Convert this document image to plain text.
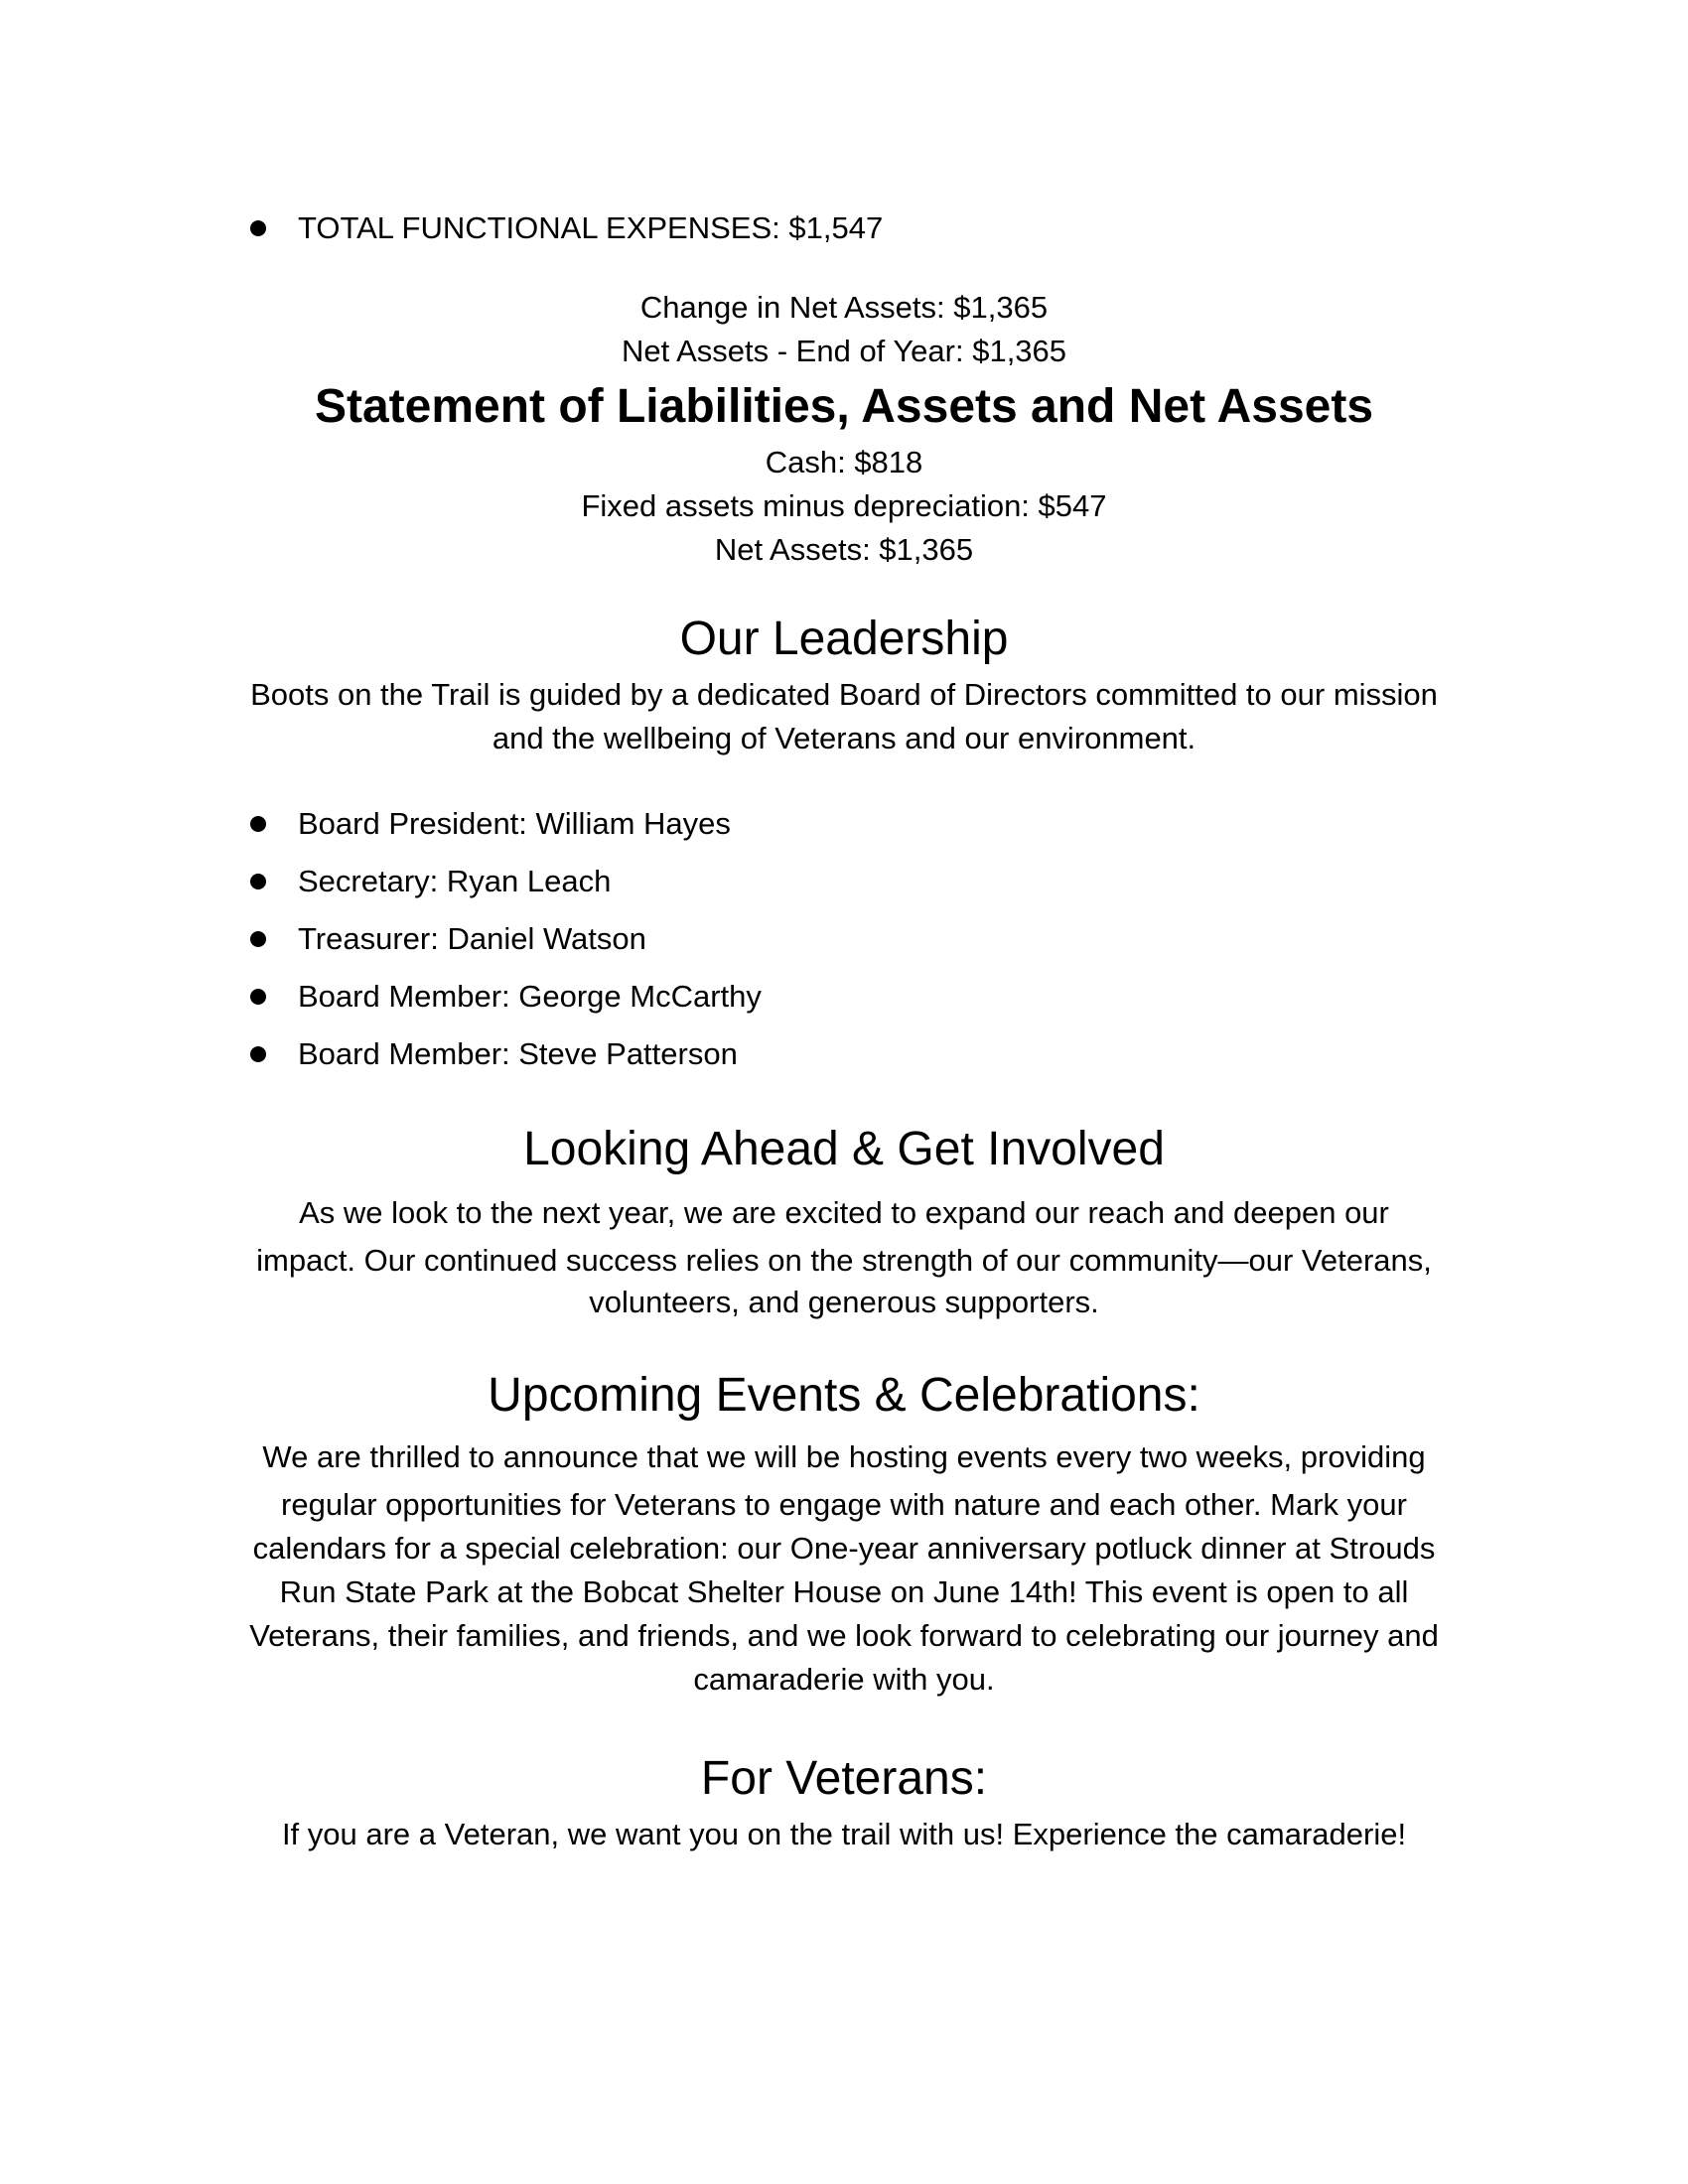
TOTAL FUNCTIONAL EXPENSES: $1,547
Change in Net Assets: $1,365
Net Assets - End of Year: $1,365
Statement of Liabilities, Assets and Net Assets
Cash: $818
Fixed assets minus depreciation: $547
Net Assets: $1,365
Our Leadership
Boots on the Trail is guided by a dedicated Board of Directors committed to our mission
and the wellbeing of Veterans and our environment.
Board President: William Hayes
Secretary: Ryan Leach
Treasurer: Daniel Watson
Board Member: George McCarthy
Board Member: Steve Patterson
Looking Ahead & Get Involved
As we look to the next year, we are excited to expand our reach and deepen our
impact. Our continued success relies on the strength of our community—our Veterans,
volunteers, and generous supporters.
Upcoming Events & Celebrations:
We are thrilled to announce that we will be hosting events every two weeks, providing
regular opportunities for Veterans to engage with nature and each other. Mark your
calendars for a special celebration: our One-year anniversary potluck dinner at Strouds
Run State Park at the Bobcat Shelter House on June 14th! This event is open to all
Veterans, their families, and friends, and we look forward to celebrating our journey and
camaraderie with you.
For Veterans:
If you are a Veteran, we want you on the trail with us! Experience the camaraderie!
